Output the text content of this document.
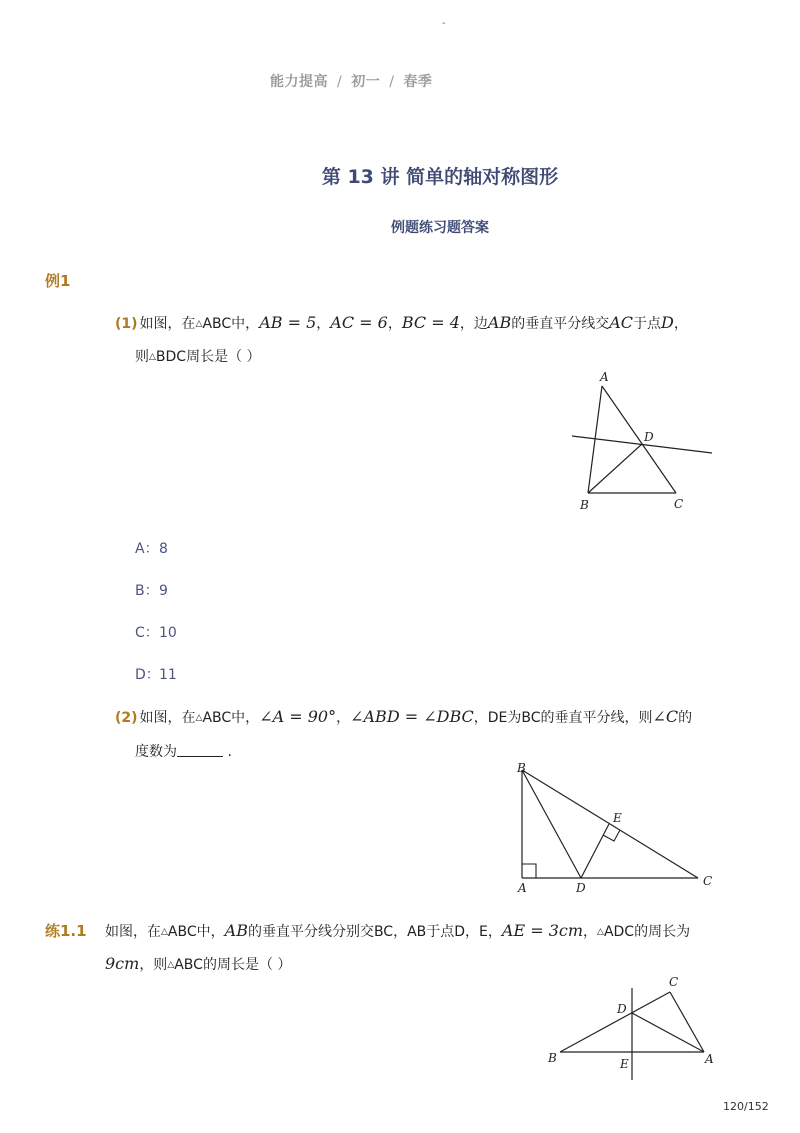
-
能力提高 / 初一 / 春季
第 13 讲 简单的轴对称图形
例题练习题答案
例1
(1) 如图，在△ABC中，AB = 5，AC = 6，BC = 4，边AB的垂直平分线交AC于点D，
则△BDC周长是（ ）
A
B	C
D
A：8
B：9
C：10
D：11
(2) 如图，在△ABC中，∠A = 90°，∠ABD = ∠DBC，DE为BC的垂直平分线，则∠C的
度数为	.
B
A	D
E
C
练1.1 如图，在△ABC中，AB的垂直平分线分别交BC，AB于点D，E，AE = 3cm，△ADC的周长为
9cm，则△ABC的周长是（ ）
C
D
B	E	A
120/152
